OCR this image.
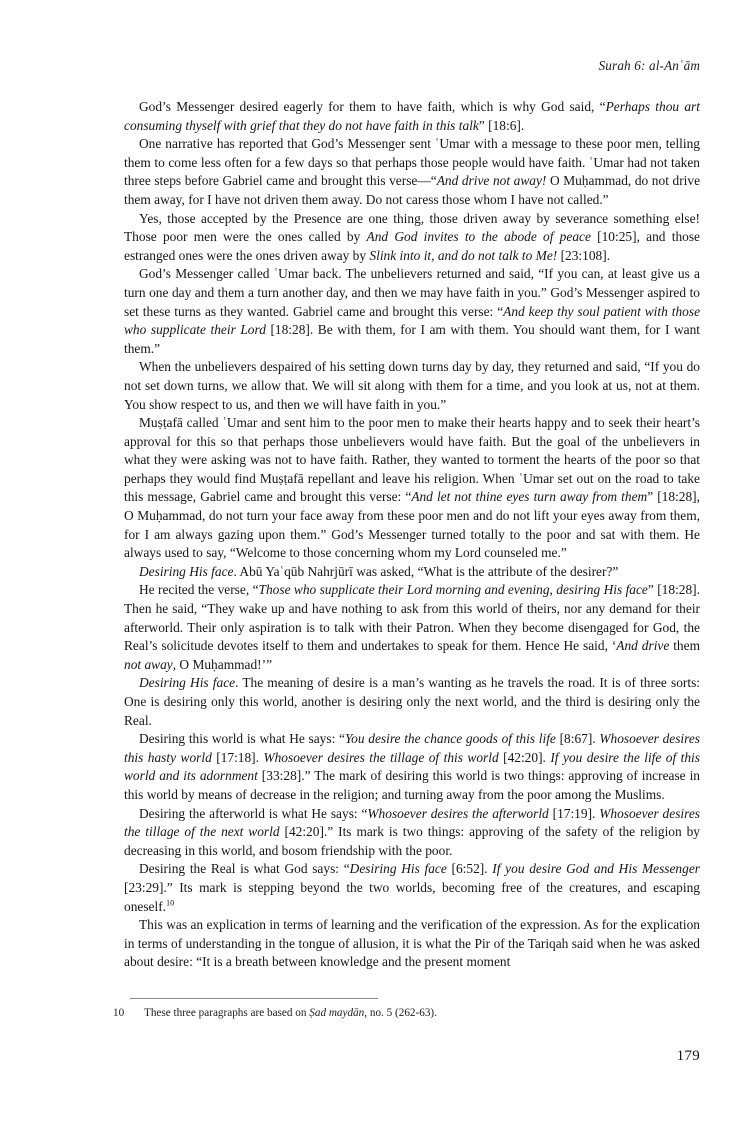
Surah 6: al-Anʿām

God’s Messenger desired eagerly for them to have faith, which is why God said, “Perhaps thou art consuming thyself with grief that they do not have faith in this talk” [18:6].

One narrative has reported that God’s Messenger sent ʿUmar with a message to these poor men, telling them to come less often for a few days so that perhaps those people would have faith. ʿUmar had not taken three steps before Gabriel came and brought this verse—“And drive not away! O Muḥammad, do not drive them away, for I have not driven them away. Do not caress those whom I have not called.”

Yes, those accepted by the Presence are one thing, those driven away by severance something else! Those poor men were the ones called by And God invites to the abode of peace [10:25], and those estranged ones were the ones driven away by Slink into it, and do not talk to Me! [23:108].

God’s Messenger called ʿUmar back. The unbelievers returned and said, “If you can, at least give us a turn one day and them a turn another day, and then we may have faith in you.” God’s Messenger aspired to set these turns as they wanted. Gabriel came and brought this verse: “And keep thy soul patient with those who supplicate their Lord [18:28]. Be with them, for I am with them. You should want them, for I want them.”

When the unbelievers despaired of his setting down turns day by day, they returned and said, “If you do not set down turns, we allow that. We will sit along with them for a time, and you look at us, not at them. You show respect to us, and then we will have faith in you.”

Muṣṭafā called ʿUmar and sent him to the poor men to make their hearts happy and to seek their heart’s approval for this so that perhaps those unbelievers would have faith. But the goal of the unbelievers in what they were asking was not to have faith. Rather, they wanted to torment the hearts of the poor so that perhaps they would find Muṣṭafā repellant and leave his religion. When ʿUmar set out on the road to take this message, Gabriel came and brought this verse: “And let not thine eyes turn away from them” [18:28], O Muḥammad, do not turn your face away from these poor men and do not lift your eyes away from them, for I am always gazing upon them.” God’s Messenger turned totally to the poor and sat with them. He always used to say, “Welcome to those concerning whom my Lord counseled me.”

Desiring His face. Abū Yaʿqūb Nahrjūrī was asked, “What is the attribute of the desirer?”

He recited the verse, “Those who supplicate their Lord morning and evening, desiring His face” [18:28]. Then he said, “They wake up and have nothing to ask from this world of theirs, nor any demand for their afterworld. Their only aspiration is to talk with their Patron. When they become disengaged for God, the Real’s solicitude devotes itself to them and undertakes to speak for them. Hence He said, ‘And drive them not away, O Muḥammad!’”

Desiring His face. The meaning of desire is a man’s wanting as he travels the road. It is of three sorts: One is desiring only this world, another is desiring only the next world, and the third is desiring only the Real.

Desiring this world is what He says: “You desire the chance goods of this life [8:67]. Whosoever desires this hasty world [17:18]. Whosoever desires the tillage of this world [42:20]. If you desire the life of this world and its adornment [33:28].” The mark of desiring this world is two things: approving of increase in this world by means of decrease in the religion; and turning away from the poor among the Muslims.

Desiring the afterworld is what He says: “Whosoever desires the afterworld [17:19]. Whosoever desires the tillage of the next world [42:20].” Its mark is two things: approving of the safety of the religion by decreasing in this world, and bosom friendship with the poor.

Desiring the Real is what God says: “Desiring His face [6:52]. If you desire God and His Messenger [23:29].” Its mark is stepping beyond the two worlds, becoming free of the creatures, and escaping oneself.$^{10}$

This was an explication in terms of learning and the verification of the expression. As for the explication in terms of understanding in the tongue of allusion, it is what the Pir of the Tariqah said when he was asked about desire: “It is a breath between knowledge and the present moment

10	These three paragraphs are based on Ṣad maydān, no. 5 (262-63).
179
